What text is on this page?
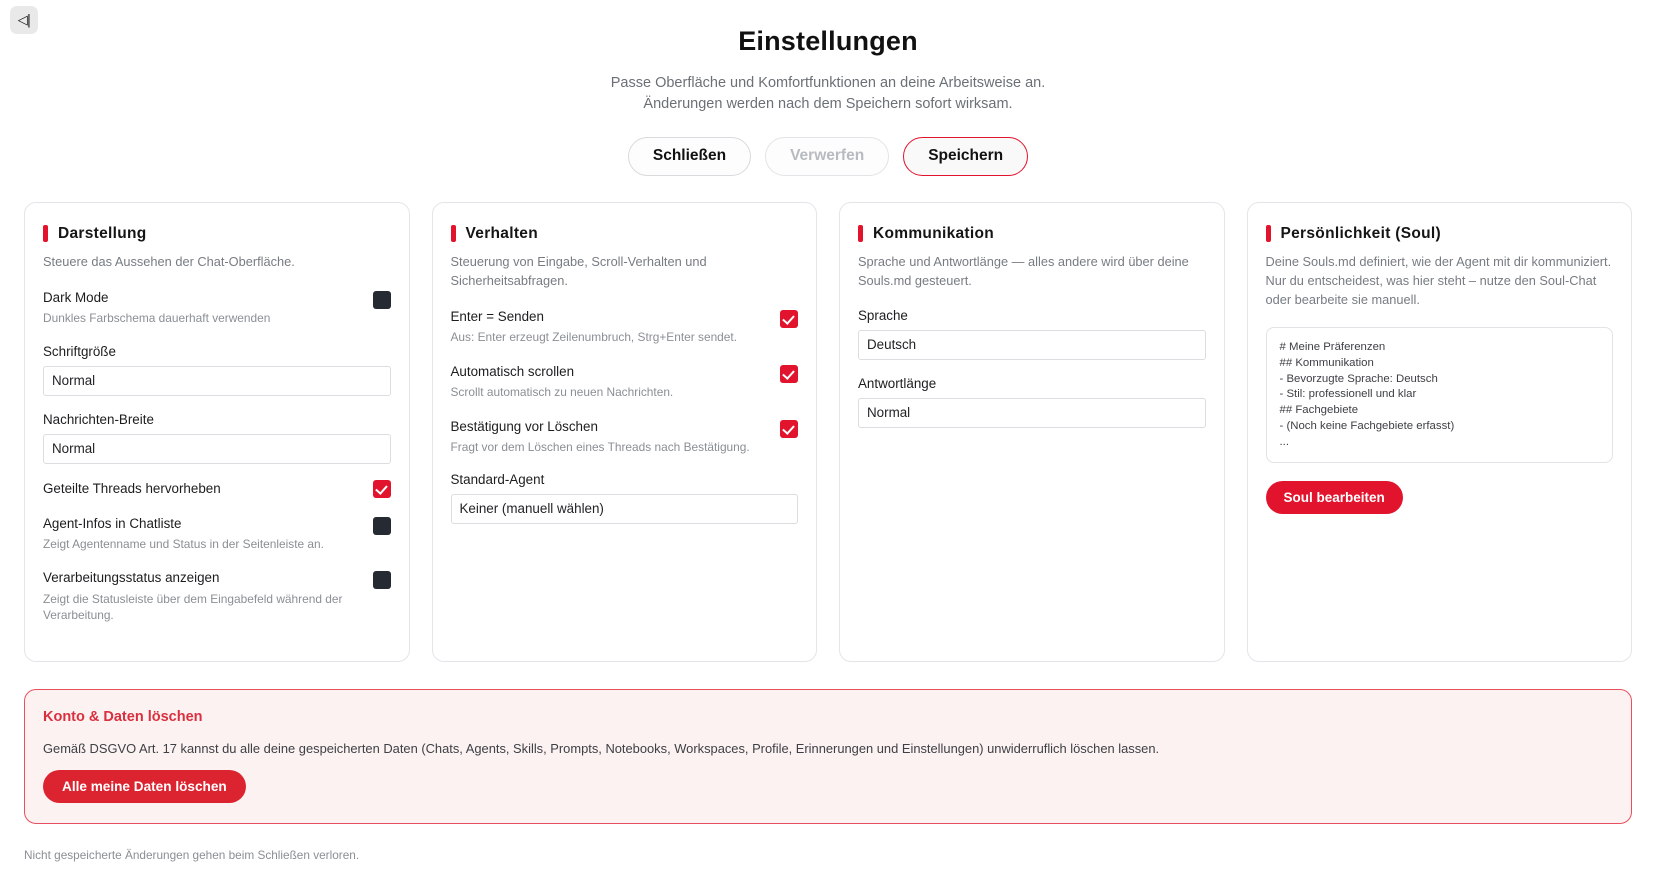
◁|
Einstellungen

Passe Oberfläche und Komfortfunktionen an deine Arbeitsweise an. Änderungen werden nach dem Speichern sofort wirksam.

Schließen	Verwerfen	Speichern
Darstellung

Steuere das Aussehen der Chat-Oberfläche.

Dark Mode
Dunkles Farbschema dauerhaft verwenden
Schriftgröße
Normal
Nachrichten-Breite
Normal
Geteilte Threads hervorheben
Agent-Infos in Chatliste
Zeigt Agentenname und Status in der Seitenleiste an.
Verarbeitungsstatus anzeigen
Zeigt die Statusleiste über dem Eingabefeld während der Verarbeitung.
Verhalten

Steuerung von Eingabe, Scroll-Verhalten und Sicherheitsabfragen.

Enter = Senden
Aus: Enter erzeugt Zeilenumbruch, Strg+Enter sendet.
Automatisch scrollen
Scrollt automatisch zu neuen Nachrichten.
Bestätigung vor Löschen
Fragt vor dem Löschen eines Threads nach Bestätigung.
Standard-Agent
Keiner (manuell wählen)
Kommunikation

Sprache und Antwortlänge — alles andere wird über deine Souls.md gesteuert.

Sprache
Deutsch
Antwortlänge
Normal
Persönlichkeit (Soul)

Deine Souls.md definiert, wie der Agent mit dir kommuniziert. Nur du entscheidest, was hier steht – nutze den Soul-Chat oder bearbeite sie manuell.

# Meine Präferenzen
## Kommunikation
- Bevorzugte Sprache: Deutsch
- Stil: professionell und klar
## Fachgebiete
- (Noch keine Fachgebiete erfasst)
...
Soul bearbeiten
Konto & Daten löschen

Gemäß DSGVO Art. 17 kannst du alle deine gespeicherten Daten (Chats, Agents, Skills, Prompts, Notebooks, Workspaces, Profile, Erinnerungen und Einstellungen) unwiderruflich löschen lassen.

Alle meine Daten löschen
Nicht gespeicherte Änderungen gehen beim Schließen verloren.
